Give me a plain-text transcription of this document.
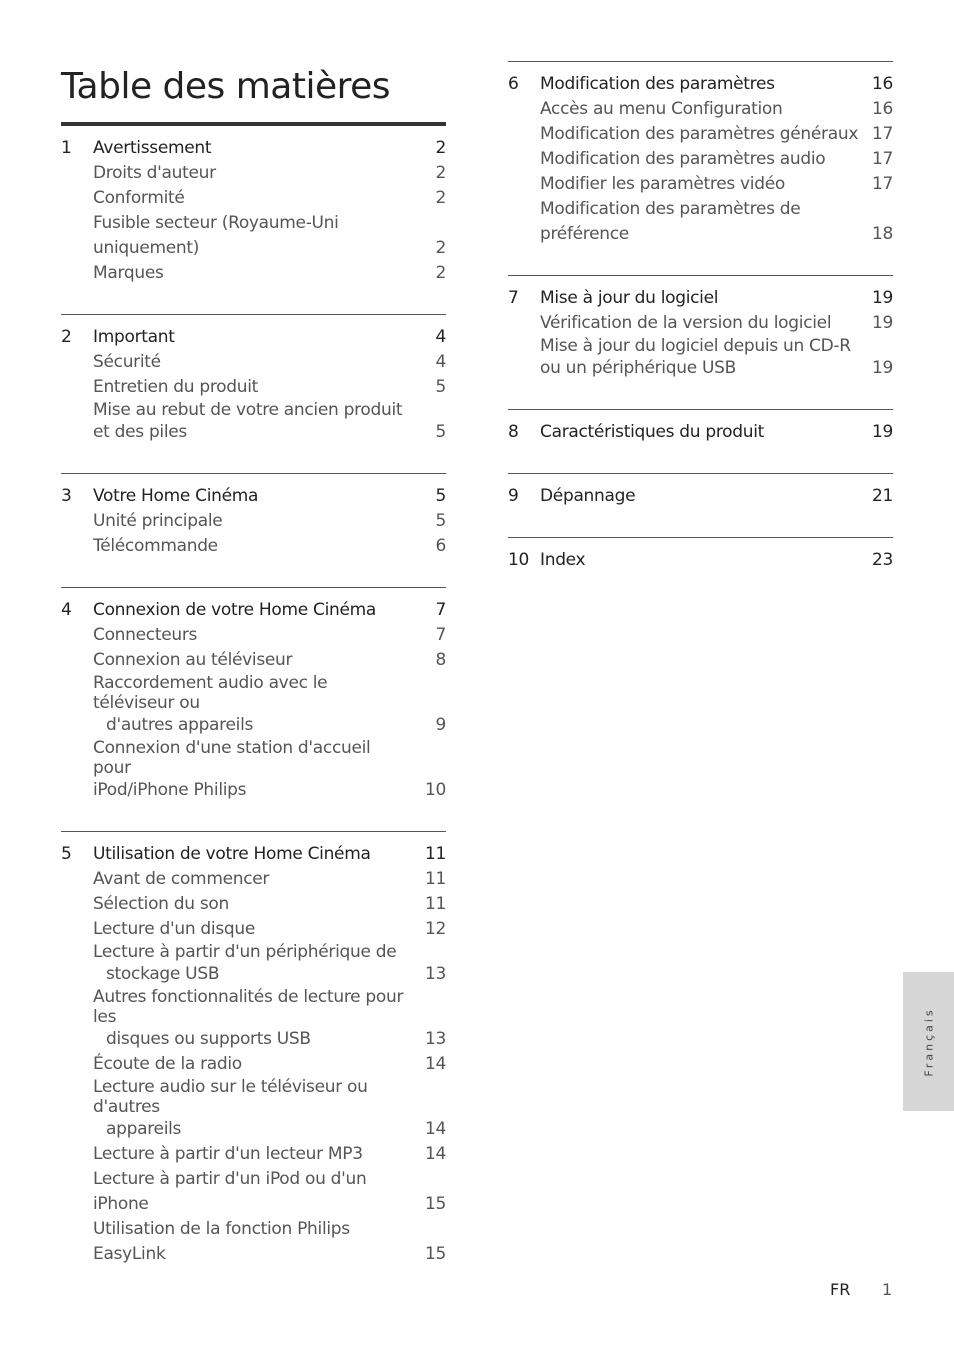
Table des matières
1	Avertissement	2
Droits d'auteur	2
Conformité	2
Fusible secteur (Royaume-Uni uniquement)	2
Marques	2
2	Important	4
Sécurité	4
Entretien du produit	5
Mise au rebut de votre ancien produit
et des piles	5
3	Votre Home Cinéma	5
Unité principale	5
Télécommande	6
4	Connexion de votre Home Cinéma	7
Connecteurs	7
Connexion au téléviseur	8
Raccordement audio avec le téléviseur ou
d'autres appareils	9
Connexion d'une station d'accueil pour
iPod/iPhone Philips	10
5	Utilisation de votre Home Cinéma	11
Avant de commencer	11
Sélection du son	11
Lecture d'un disque	12
Lecture à partir d'un périphérique de
stockage USB	13
Autres fonctionnalités de lecture pour les
disques ou supports USB	13
Écoute de la radio	14
Lecture audio sur le téléviseur ou d'autres
appareils	14
Lecture à partir d'un lecteur MP3	14
Lecture à partir d'un iPod ou d'un iPhone	15
Utilisation de la fonction Philips EasyLink	15
6	Modification des paramètres	16
Accès au menu Configuration	16
Modification des paramètres généraux 17
Modification des paramètres audio	17
Modifier les paramètres vidéo	17
Modification des paramètres de préférence	18
7	Mise à jour du logiciel	19
Vérification de la version du logiciel	19
Mise à jour du logiciel depuis un CD-R
ou un périphérique USB	19
8	Caractéristiques du produit	19
9	Dépannage	21
10 Index	23
Français
FR 1
